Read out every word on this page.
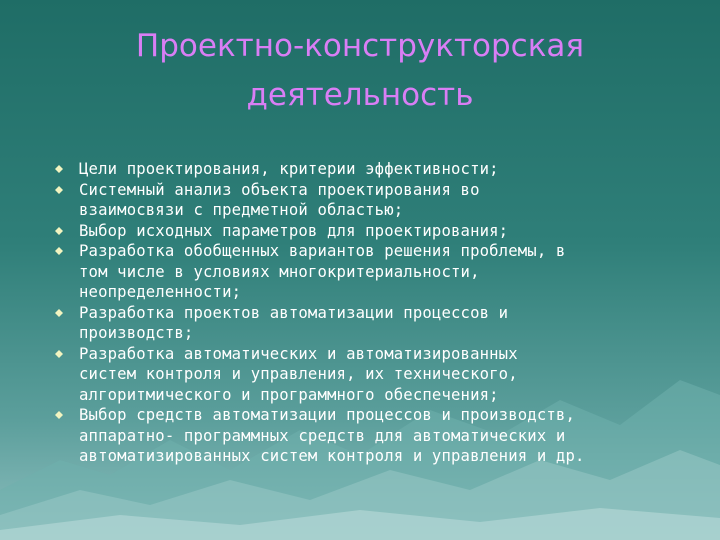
Проектно-конструкторская
деятельность
Цели проектирования, критерии эффективности;
Системный анализ объекта проектирования во
взаимосвязи с предметной областью;
Выбор исходных параметров для проектирования;
Разработка обобщенных вариантов решения проблемы, в
том числе в условиях многокритериальности,
неопределенности;
Разработка проектов автоматизации процессов и
производств;
Разработка автоматических и автоматизированных
систем контроля и управления, их технического,
алгоритмического и программного обеспечения;
Выбор средств автоматизации процессов и производств,
аппаратно- программных средств для автоматических и
автоматизированных систем контроля и управления и др.
